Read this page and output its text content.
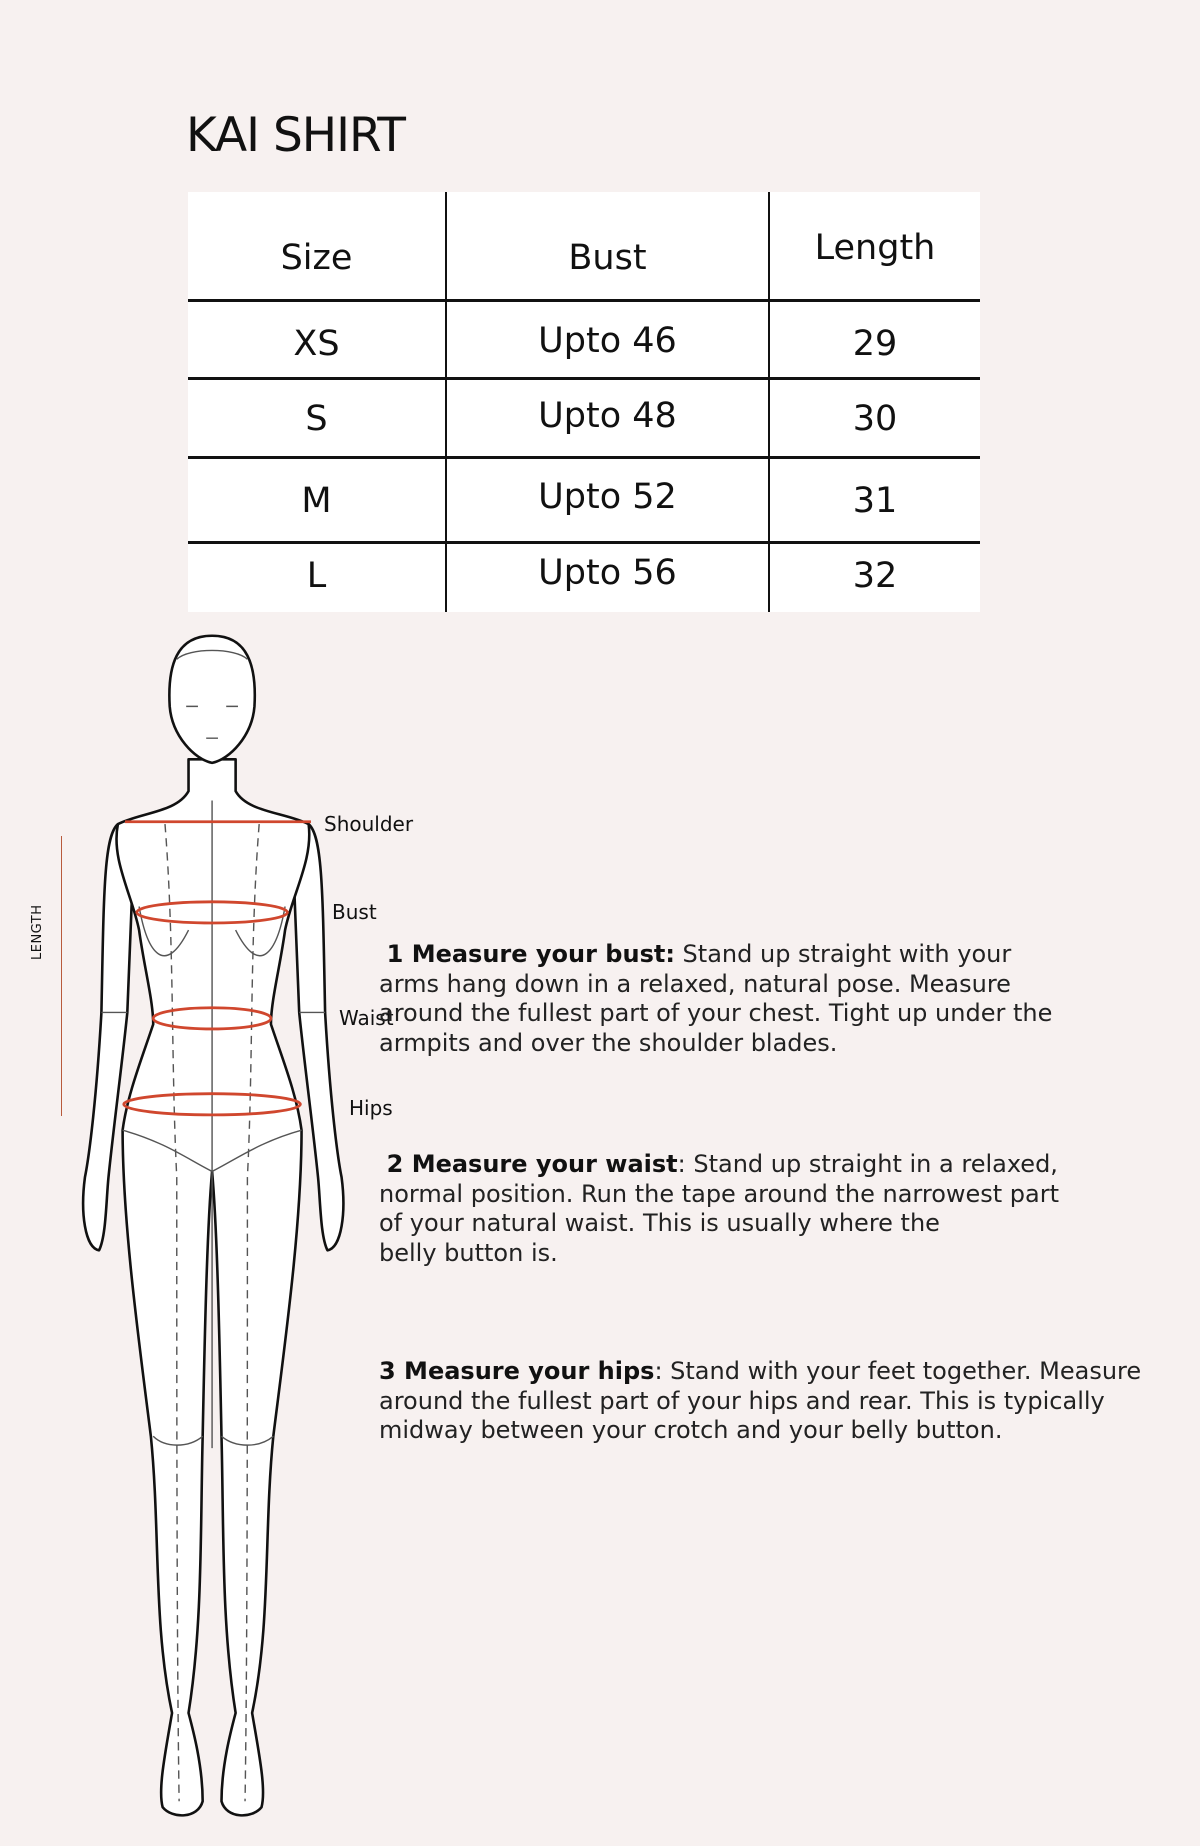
KAI SHIRT
Size	Bust	Length
XS	Upto 46	29
S	Upto 48	30
M	Upto 52	31
L	Upto 56	32
Shoulder
Bust
Waist
Hips
LENGTH	1 Measure your bust: Stand up straight with your
arms hang down in a relaxed, natural pose. Measure
around the fullest part of your chest. Tight up under the
armpits and over the shoulder blades.
2 Measure your waist: Stand up straight in a relaxed,
normal position. Run the tape around the narrowest part
of your natural waist. This is usually where the
belly button is.
3 Measure your hips: Stand with your feet together. Measure
around the fullest part of your hips and rear. This is typically
midway between your crotch and your belly button.
